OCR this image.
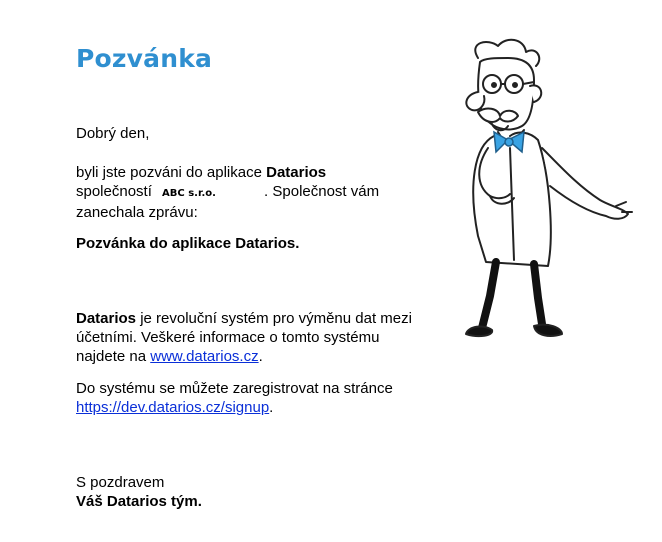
Pozvánka
Dobrý den,
byli jste pozváni do aplikace Datarios
společností ABC s.r.o.	. Společnost vám zanechala zprávu:
Pozvánka do aplikace Datarios.
Datarios je revoluční systém pro výměnu dat mezi účetními. Veškeré informace o tomto systému najdete na www.datarios.cz.
Do systému se můžete zaregistrovat na stránce https://dev.datarios.cz/signup.
S pozdravem
Váš Datarios tým.
